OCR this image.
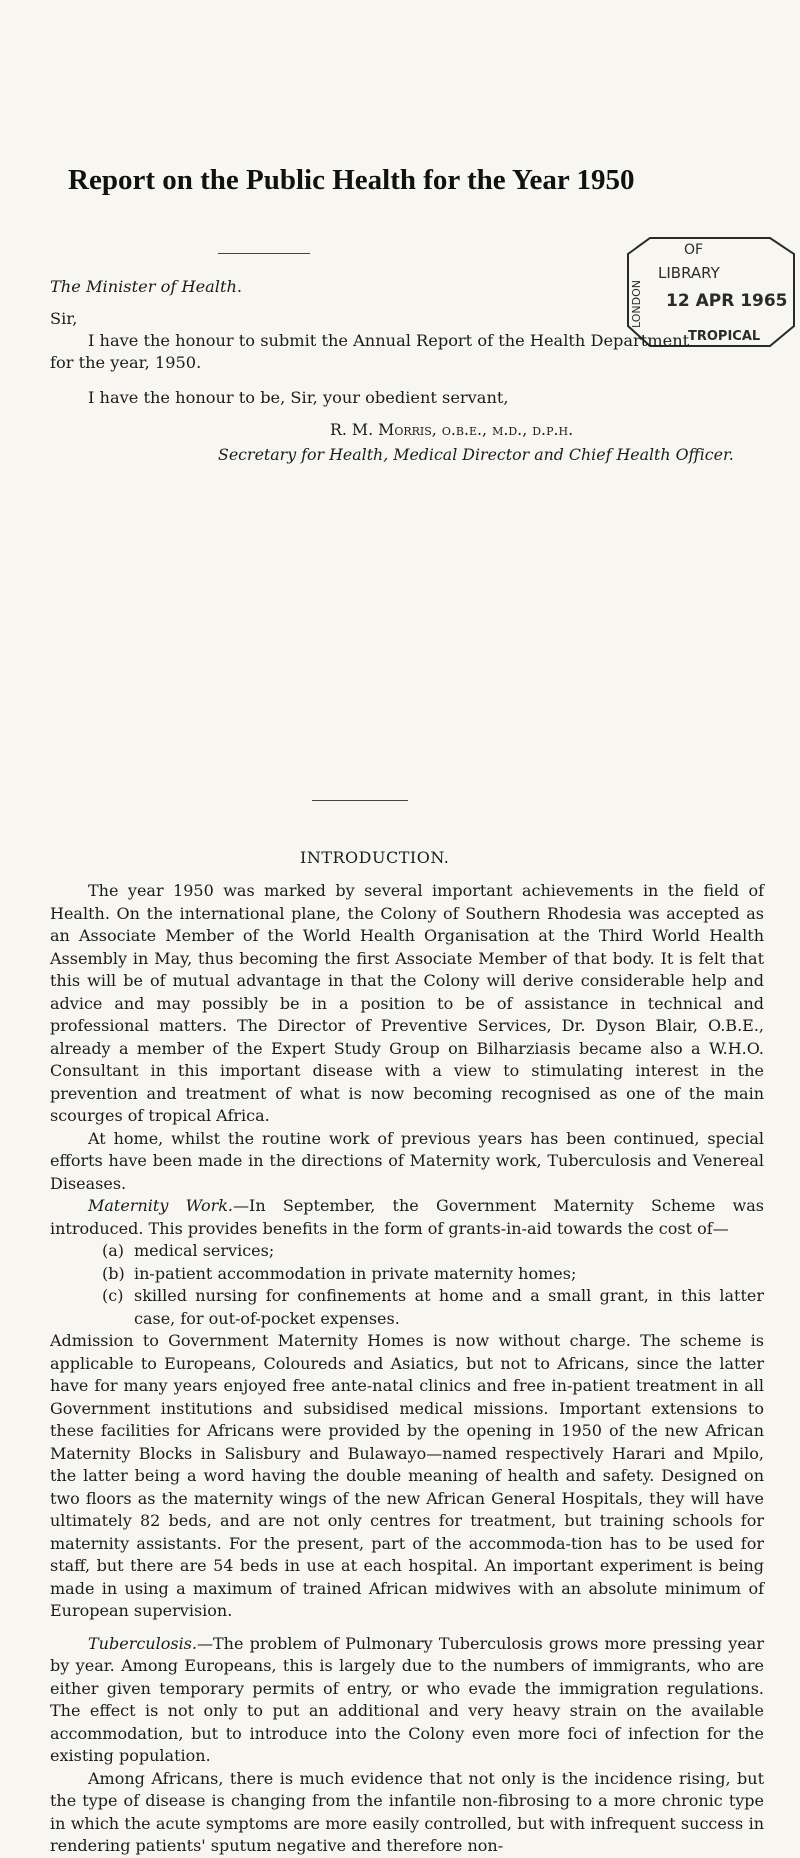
Report on the Public Health for the Year 1950
OF
LIBRARY
12 APR 1965
LONDON
TROPICAL
The Minister of Health.
Sir,
I have the honour to submit the Annual Report of the Health Department
for the year, 1950.
I have the honour to be, Sir, your obedient servant,
R. M. Morris, o.b.e., m.d., d.p.h.
Secretary for Health, Medical Director and Chief Health Officer.
INTRODUCTION.

The year 1950 was marked by several important achievements in the field of Health. On the international plane, the Colony of Southern Rhodesia was accepted as an Associate Member of the World Health Organisation at the Third World Health Assembly in May, thus becoming the first Associate Member of that body. It is felt that this will be of mutual advantage in that the Colony will derive considerable help and advice and may possibly be in a position to be of assistance in technical and professional matters. The Director of Preventive Services, Dr. Dyson Blair, O.B.E., already a member of the Expert Study Group on Bilharziasis became also a W.H.O. Consultant in this important disease with a view to stimulating interest in the prevention and treatment of what is now becoming recognised as one of the main scourges of tropical Africa.

At home, whilst the routine work of previous years has been continued, special efforts have been made in the directions of Maternity work, Tuberculosis and Venereal Diseases.

Maternity Work.—In September, the Government Maternity Scheme was introduced. This provides benefits in the form of grants-in-aid towards the cost of—

(a) medical services;
(b) in-patient accommodation in private maternity homes;
(c) skilled nursing for confinements at home and a small grant, in this latter case, for out-of-pocket expenses.

Admission to Government Maternity Homes is now without charge. The scheme is applicable to Europeans, Coloureds and Asiatics, but not to Africans, since the latter have for many years enjoyed free ante-natal clinics and free in-patient treatment in all Government institutions and subsidised medical missions. Important extensions to these facilities for Africans were provided by the opening in 1950 of the new African Maternity Blocks in Salisbury and Bulawayo—named respectively Harari and Mpilo, the latter being a word having the double meaning of health and safety. Designed on two floors as the maternity wings of the new African General Hospitals, they will have ultimately 82 beds, and are not only centres for treatment, but training schools for maternity assistants. For the present, part of the accommoda-tion has to be used for staff, but there are 54 beds in use at each hospital. An important experiment is being made in using a maximum of trained African midwives with an absolute minimum of European supervision.

Tuberculosis.—The problem of Pulmonary Tuberculosis grows more pressing year by year. Among Europeans, this is largely due to the numbers of immigrants, who are either given temporary permits of entry, or who evade the immigration regulations. The effect is not only to put an additional and very heavy strain on the available accommodation, but to introduce into the Colony even more foci of infection for the existing population.

Among Africans, there is much evidence that not only is the incidence rising, but the type of disease is changing from the infantile non-fibrosing to a more chronic type in which the acute symptoms are more easily controlled, but with infrequent success in rendering patients' sputum negative and therefore non-
